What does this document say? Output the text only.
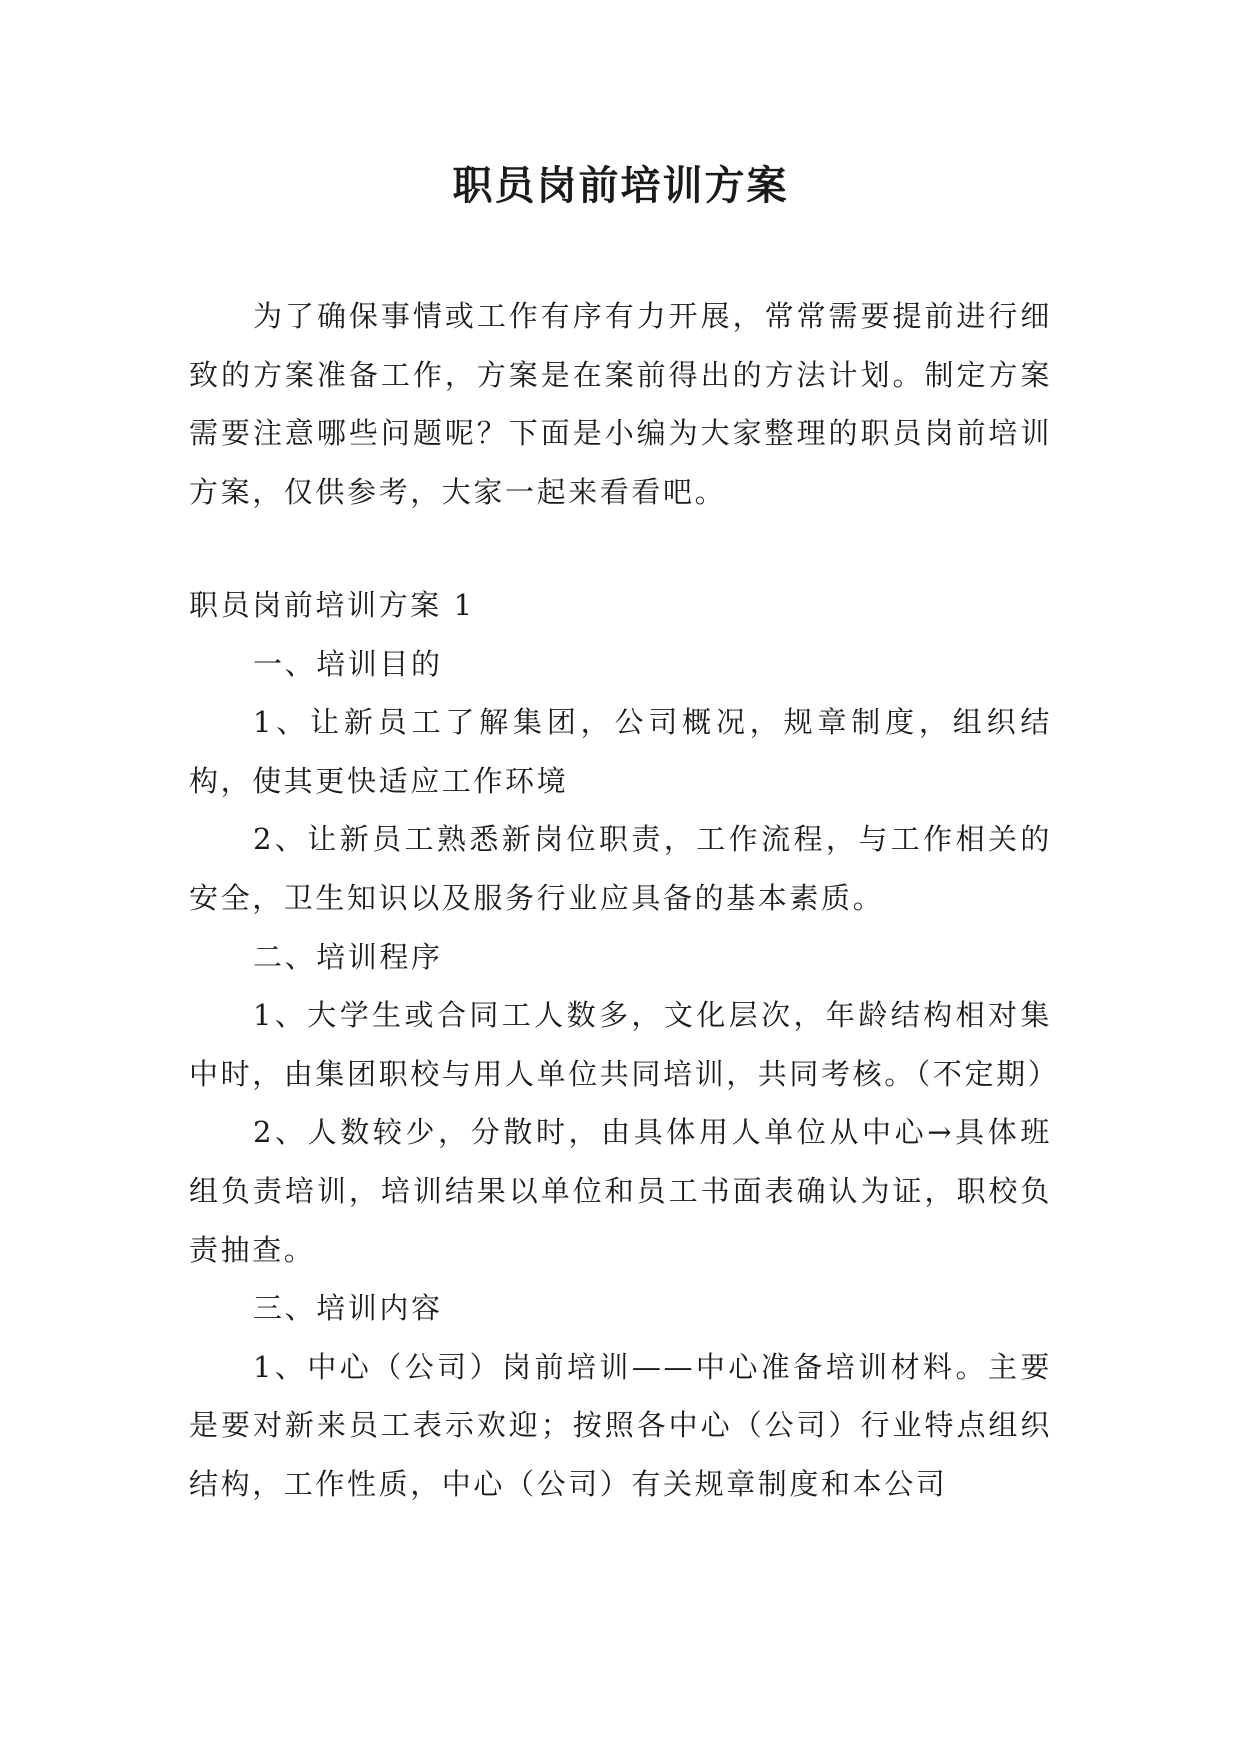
职员岗前培训方案

为了确保事情或工作有序有力开展，常常需要提前进行细致的方案准备工作，方案是在案前得出的方法计划。制定方案需要注意哪些问题呢？下面是小编为大家整理的职员岗前培训方案，仅供参考，大家一起来看看吧。

职员岗前培训方案 1

一、培训目的

1、让新员工了解集团，公司概况，规章制度，组织结构，使其更快适应工作环境

2、让新员工熟悉新岗位职责，工作流程，与工作相关的安全，卫生知识以及服务行业应具备的基本素质。

二、培训程序

1、大学生或合同工人数多，文化层次，年龄结构相对集中时，由集团职校与用人单位共同培训，共同考核。（不定期）

2、人数较少，分散时，由具体用人单位从中心→具体班组负责培训，培训结果以单位和员工书面表确认为证，职校负责抽查。

三、培训内容

1、中心（公司）岗前培训——中心准备培训材料。主要是要对新来员工表示欢迎；按照各中心（公司）行业特点组织结构，工作性质，中心（公司）有关规章制度和本公司
